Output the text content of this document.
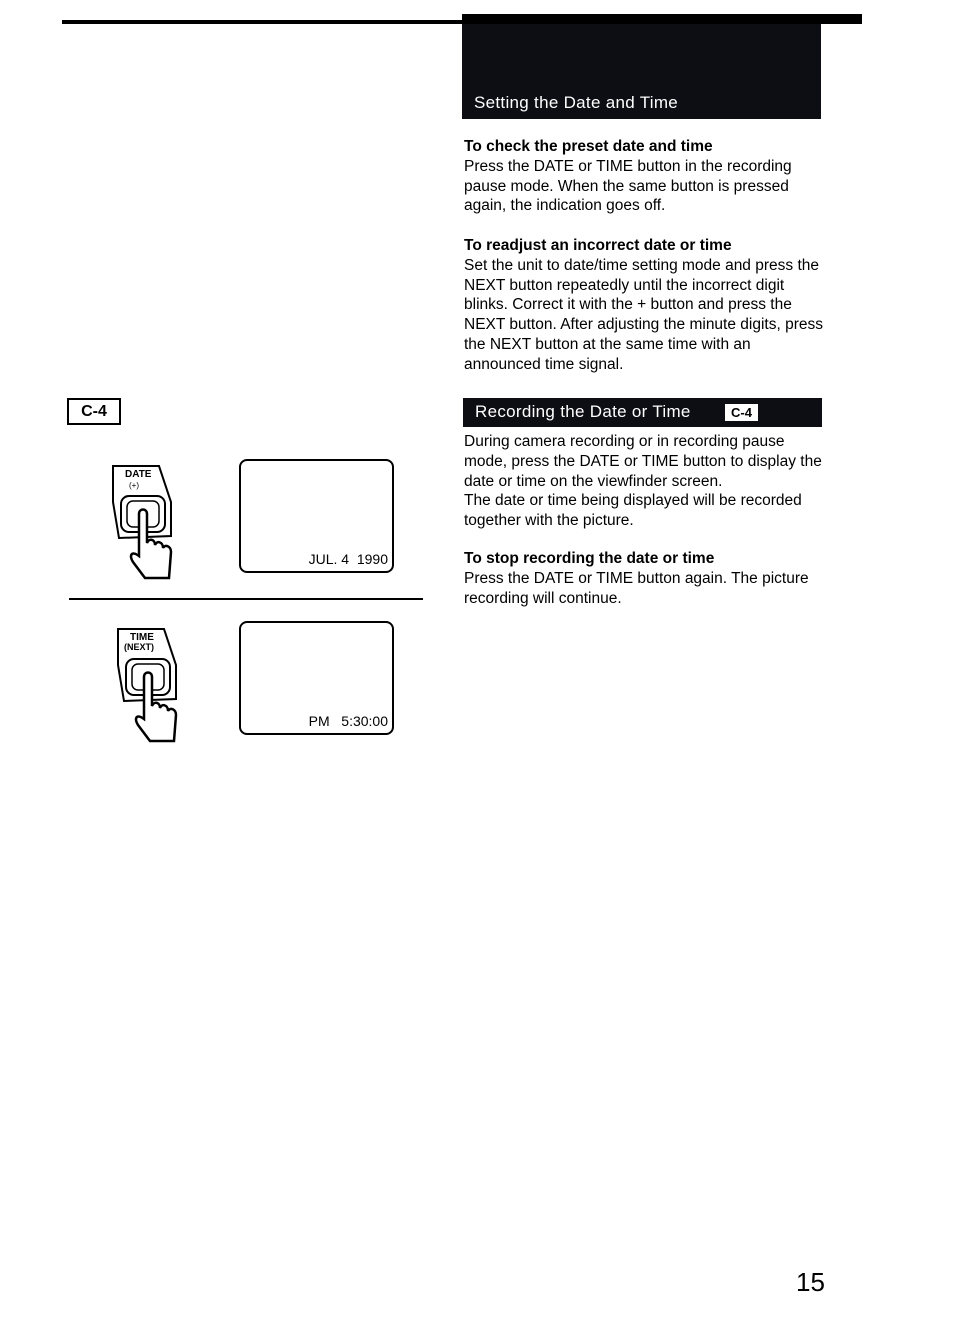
Setting the Date and Time
To check the preset date and time

Press the DATE or TIME button in the recording pause mode. When the same button is pressed again, the indication goes off.

To readjust an incorrect date or time

Set the unit to date/time setting mode and press the NEXT button repeatedly until the incorrect digit blinks. Correct it with the + button and press the NEXT button. After adjusting the minute digits, press the NEXT button at the same time with an announced time signal.

Recording the Date or Time	C-4

During camera recording or in recording pause mode, press the DATE or TIME button to display the date or time on the viewfinder screen.

The date or time being displayed will be recorded together with the picture.

To stop recording the date or time

Press the DATE or TIME button again. The picture recording will continue.

C-4
DATE
(+)
JUL. 4  1990
TIME
(NEXT)
PM   5:30:00
15
